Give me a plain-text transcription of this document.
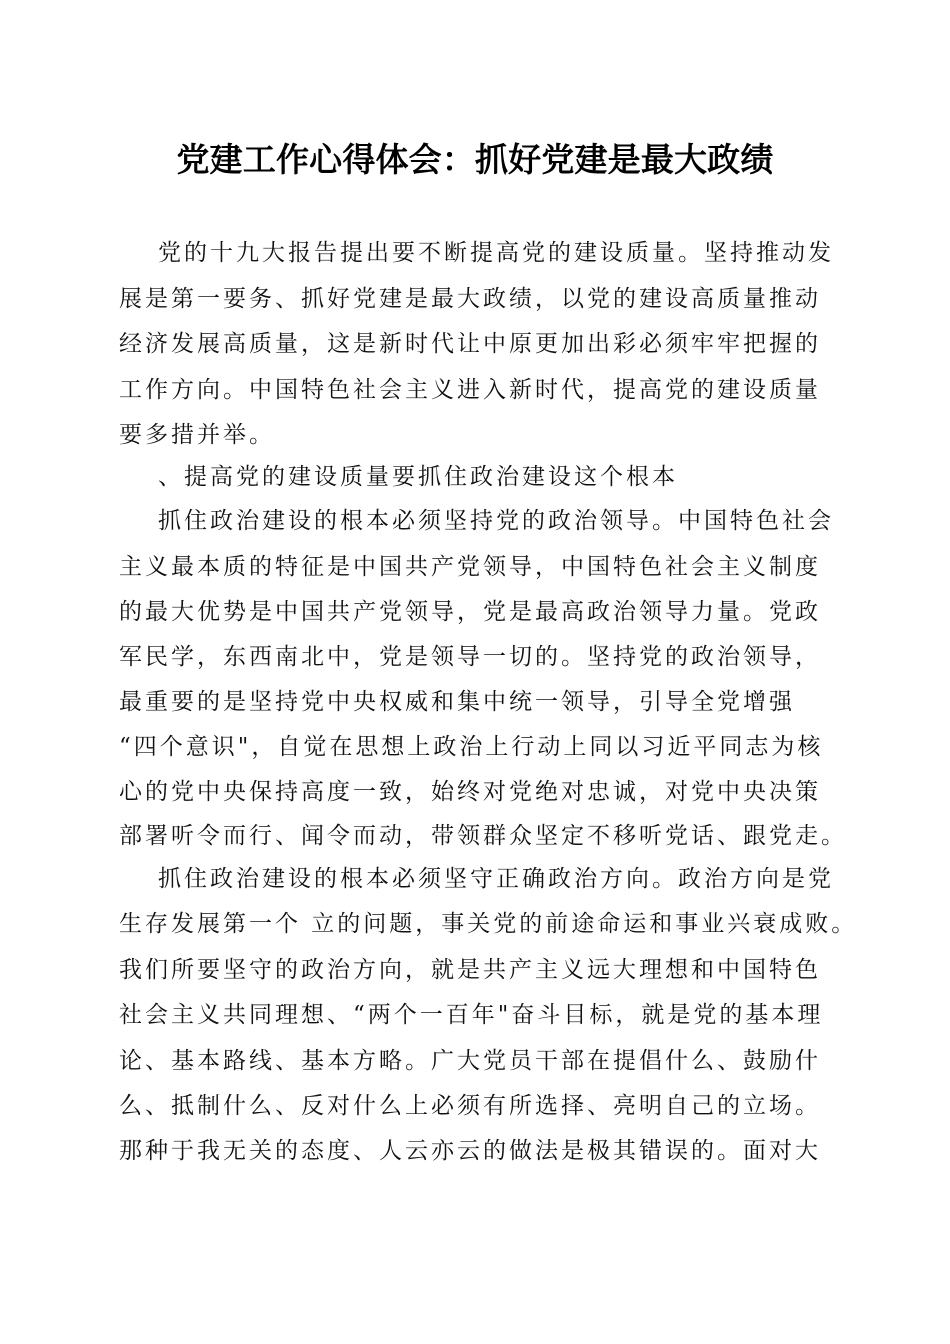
党建工作心得体会：抓好党建是最大政绩
党的十九大报告提出要不断提高党的建设质量。坚持推动发
展是第一要务、抓好党建是最大政绩，以党的建设高质量推动
经济发展高质量，这是新时代让中原更加出彩必须牢牢把握的
工作方向。中国特色社会主义进入新时代，提高党的建设质量
要多措并举。
、提高党的建设质量要抓住政治建设这个根本
抓住政治建设的根本必须坚持党的政治领导。中国特色社会
主义最本质的特征是中国共产党领导，中国特色社会主义制度
的最大优势是中国共产党领导，党是最高政治领导力量。党政
军民学，东西南北中，党是领导一切的。坚持党的政治领导，
最重要的是坚持党中央权威和集中统一领导，引导全党增强
“四个意识"，自觉在思想上政治上行动上同以习近平同志为核
心的党中央保持高度一致，始终对党绝对忠诚，对党中央决策
部署听令而行、闻令而动，带领群众坚定不移听党话、跟党走。
抓住政治建设的根本必须坚守正确政治方向。政治方向是党
生存发展第一个 立的问题，事关党的前途命运和事业兴衰成败。
我们所要坚守的政治方向，就是共产主义远大理想和中国特色
社会主义共同理想、“两个一百年"奋斗目标，就是党的基本理
论、基本路线、基本方略。广大党员干部在提倡什么、鼓励什
么、抵制什么、反对什么上必须有所选择、亮明自己的立场。
那种于我无关的态度、人云亦云的做法是极其错误的。面对大
